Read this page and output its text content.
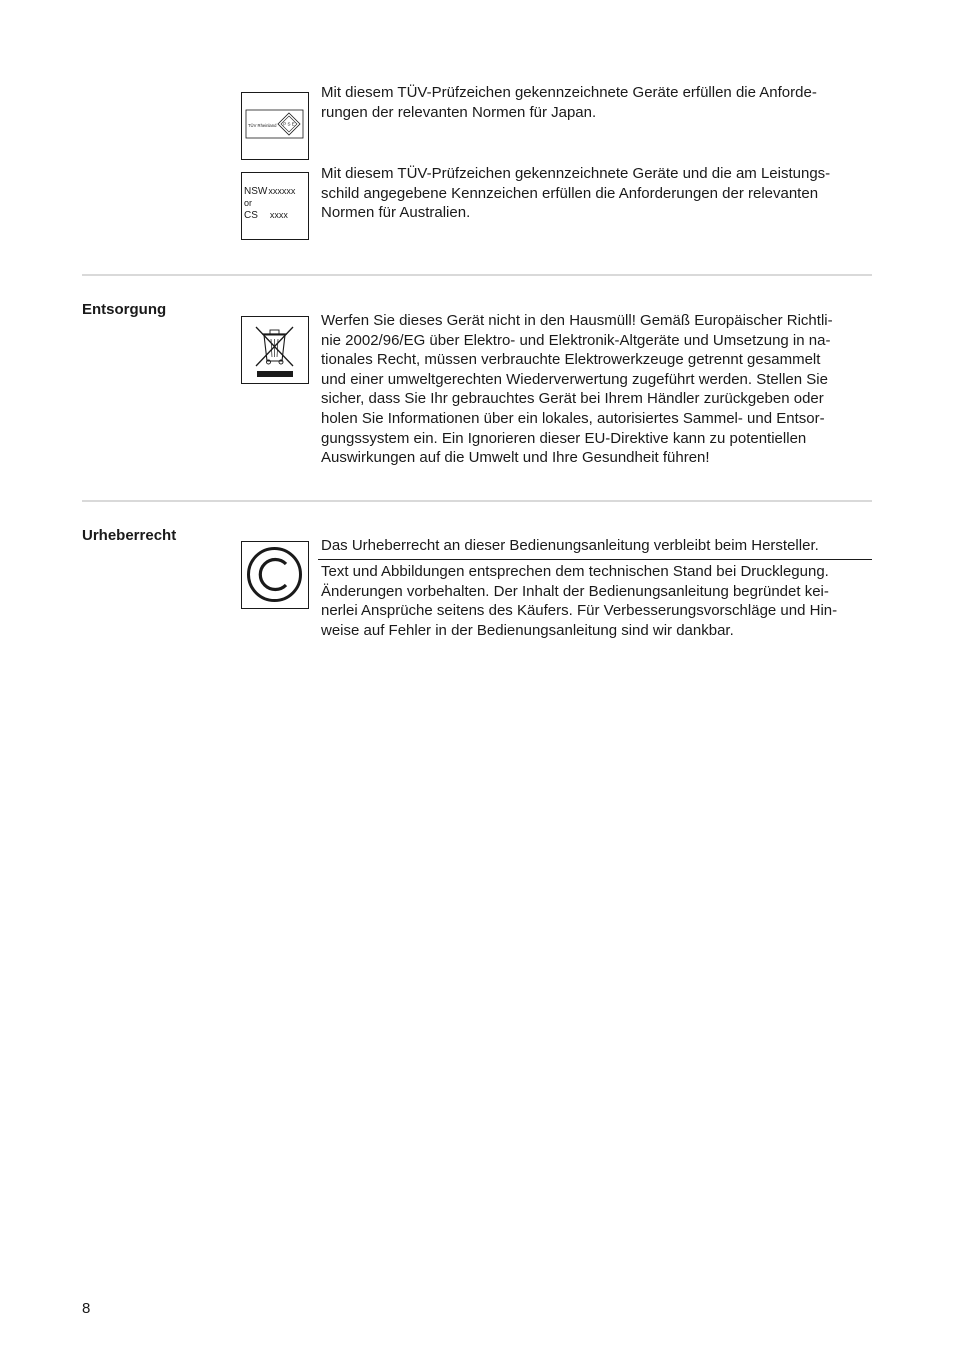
TÜV Rheinland P S E

Mit diesem TÜV-Prüfzeichen gekennzeichnete Geräte erfüllen die Anforde-
rungen der relevanten Normen für Japan.

NSWxxxxxx
or
CS xxxx

Mit diesem TÜV-Prüfzeichen gekennzeichnete Geräte und die am Leistungs-
schild angegebene Kennzeichen erfüllen die Anforderungen der relevanten
Normen für Australien.

Entsorgung

Werfen Sie dieses Gerät nicht in den Hausmüll! Gemäß Europäischer Richtli-
nie 2002/96/EG über Elektro- und Elektronik-Altgeräte und Umsetzung in na-
tionales Recht, müssen verbrauchte Elektrowerkzeuge getrennt gesammelt
und einer umweltgerechten Wiederverwertung zugeführt werden. Stellen Sie
sicher, dass Sie Ihr gebrauchtes Gerät bei Ihrem Händler zurückgeben oder
holen Sie Informationen über ein lokales, autorisiertes Sammel- und Entsor-
gungssystem ein. Ein Ignorieren dieser EU-Direktive kann zu potentiellen
Auswirkungen auf die Umwelt und Ihre Gesundheit führen!

Urheberrecht

Das Urheberrecht an dieser Bedienungsanleitung verbleibt beim Hersteller.

Text und Abbildungen entsprechen dem technischen Stand bei Drucklegung.
Änderungen vorbehalten. Der Inhalt der Bedienungsanleitung begründet kei-
nerlei Ansprüche seitens des Käufers. Für Verbesserungsvorschläge und Hin-
weise auf Fehler in der Bedienungsanleitung sind wir dankbar.

8
